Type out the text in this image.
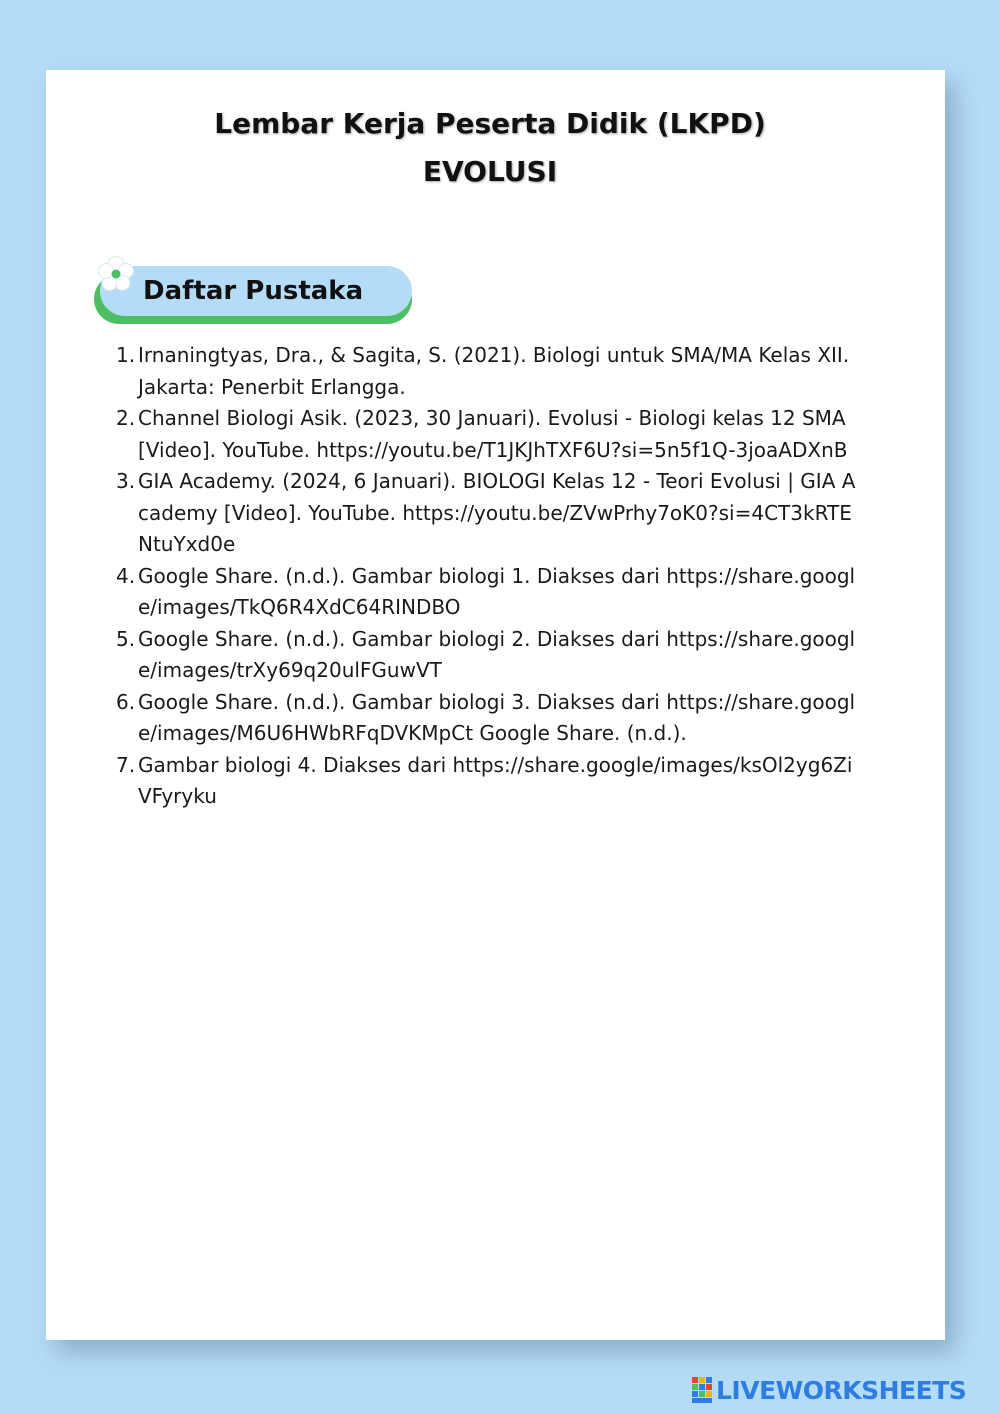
Lembar Kerja Peserta Didik (LKPD)
EVOLUSI
Daftar Pustaka
1. Irnaningtyas, Dra., & Sagita, S. (2021). Biologi untuk SMA/MA Kelas XII. Jakarta: Penerbit Erlangga.
2. Channel Biologi Asik. (2023, 30 Januari). Evolusi - Biologi kelas 12 SMA [Video]. YouTube. https://youtu.be/T1JKJhTXF6U?si=5n5f1Q-3joaADXnB
3. GIA Academy. (2024, 6 Januari). BIOLOGI Kelas 12 - Teori Evolusi | GIA Academy [Video]. YouTube. https://youtu.be/ZVwPrhy7oK0?si=4CT3kRTENtuYxd0e
4. Google Share. (n.d.). Gambar biologi 1. Diakses dari https://share.google/images/TkQ6R4XdC64RINDBO
5. Google Share. (n.d.). Gambar biologi 2. Diakses dari https://share.google/images/trXy69q20ulFGuwVT
6. Google Share. (n.d.). Gambar biologi 3. Diakses dari https://share.google/images/M6U6HWbRFqDVKMpCt Google Share. (n.d.).
7. Gambar biologi 4. Diakses dari https://share.google/images/ksOl2yg6ZiVFyryku
LIVEWORKSHEETS
